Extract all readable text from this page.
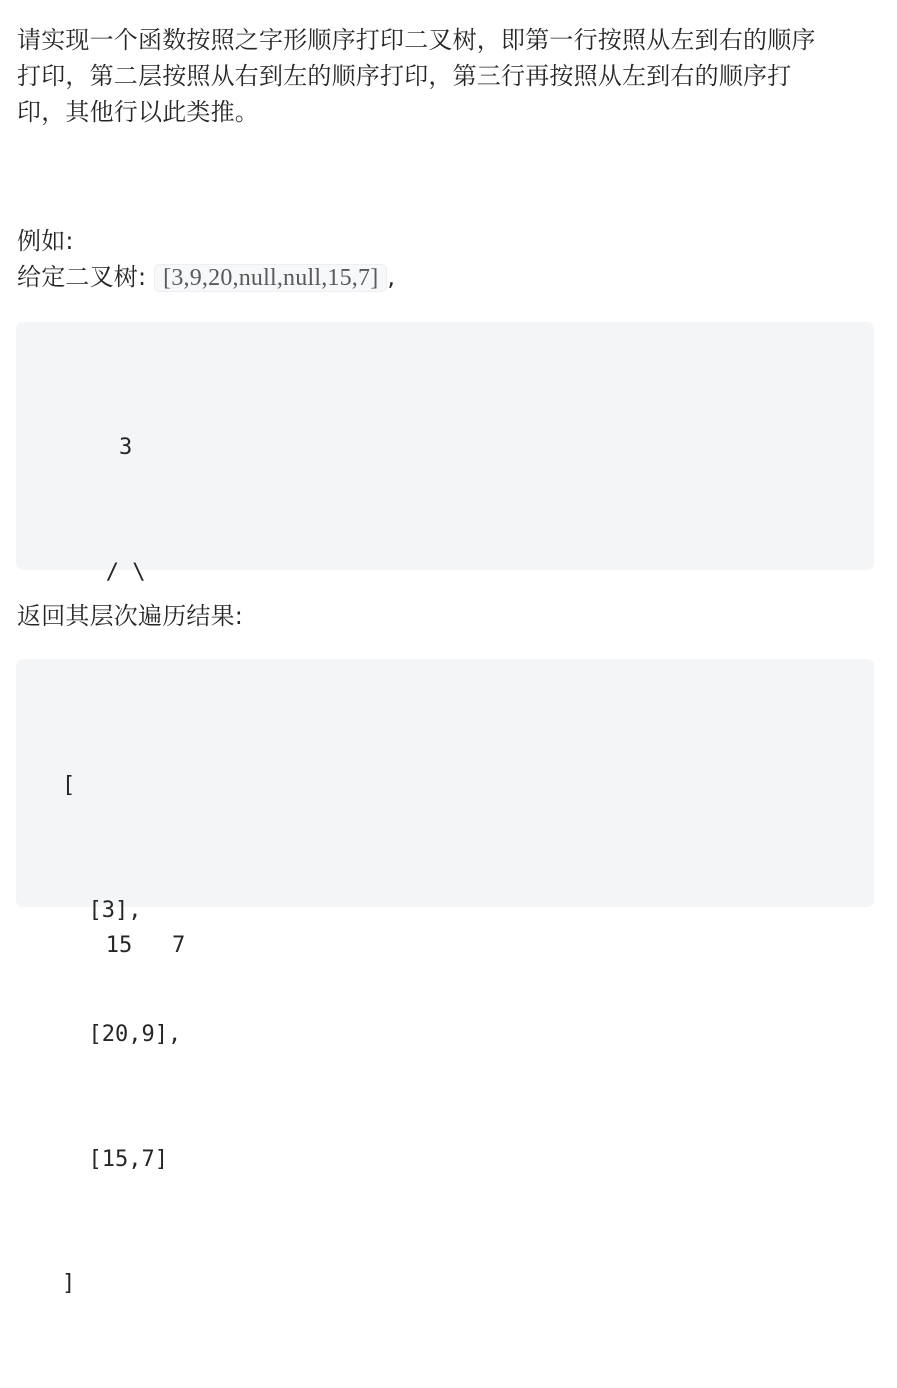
请实现一个函数按照之字形顺序打印二叉树，即第一行按照从左到右的顺序
打印，第二层按照从右到左的顺序打印，第三行再按照从左到右的顺序打
印，其他行以此类推。
例如:
给定二叉树: [3,9,20,null,null,15,7] ,

3

/ \

15   7

返回其层次遍历结果:

[

[3],

[20,9],

[15,7]

]
